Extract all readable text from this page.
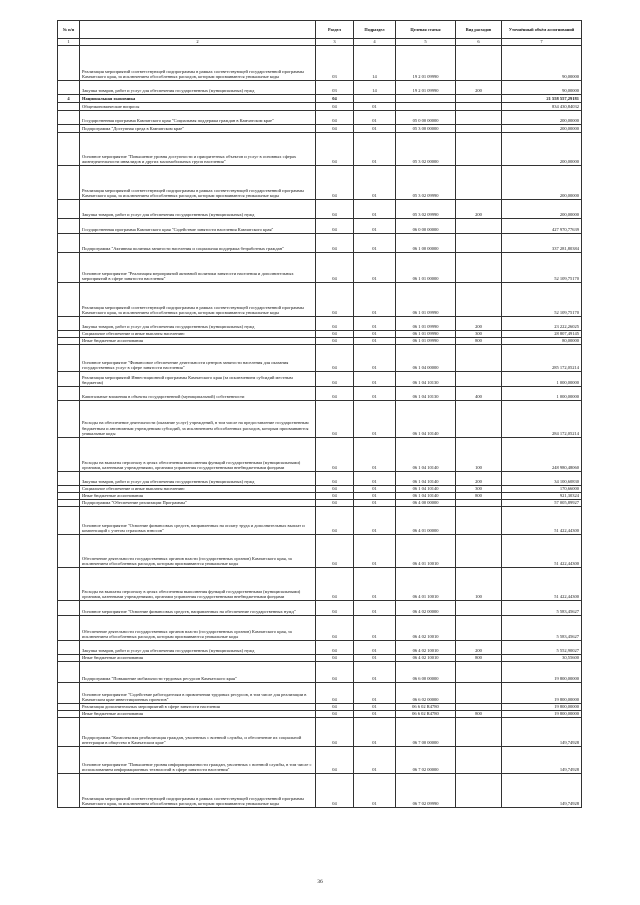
№ п/п		Раздел	Подраздел	Целевая статья	Вид расходов	Уточнённый объём ассигнований
1	2	3	4	5	6	7
	Реализация мероприятий соответствующей подпрограммы в рамках соответствующей государственной программы Камчатского края, за исключением обособленных расходов, которым присваиваются уникальные коды	03	14	19 2 01 09990		90,00000
	Закупка товаров, работ и услуг для обеспечения государственных (муниципальных) нужд	03	14	19 2 01 09990	200	90,00000
4	Национальная экономика	04				21 558 557,29181
	Общеэкономические вопросы	04	01			834 430,84032
	Государственная программа Камчатского края "Социальная поддержка граждан в Камчатском крае"	04	01	05 0 00 00000		200,00000
	Подпрограмма "Доступная среда в Камчатском крае"	04	01	05 3 00 00000		200,00000
	Основное мероприятие "Повышение уровня доступности и приоритетных объектов и услуг в основных сферах жизнедеятельности инвалидов и других маломобильных групп населения"	04	01	05 3 02 00000		200,00000
	Реализация мероприятий соответствующей подпрограммы в рамках соответствующей государственной программы Камчатского края, за исключением обособленных расходов, которым присваиваются уникальные коды	04	01	05 3 02 09990		200,00000
	Закупка товаров, работ и услуг для обеспечения государственных (муниципальных) нужд	04	01	05 3 02 09990	200	200,00000
	Государственная программа Камчатского края "Содействие занятости населения Камчатского края"	04	01	06 0 00 00000		427 970,77639
	Подпрограмма "Активная политика занятости населения и социальная поддержка безработных граждан"	04	01	06 1 00 00000		337 281,80384
	Основное мероприятие "Реализация мероприятий активной политики занятости населения и дополнительных мероприятий в сфере занятости населения"	04	01	06 1 01 00000		52 109,75170
	Реализация мероприятий соответствующей подпрограммы в рамках соответствующей государственной программы Камчатского края, за исключением обособленных расходов, которым присваиваются уникальные коды	04	01	06 1 01 09990		52 109,75170
	Закупка товаров, работ и услуг для обеспечения государственных (муниципальных) нужд	04	01	06 1 01 09990	200	23 222,26025
	Социальное обеспечение и иные выплаты населению	04	01	06 1 01 09990	300	28 807,49145
	Иные бюджетные ассигнования	04	01	06 1 01 09990	800	80,00000
	Основное мероприятие "Финансовое обеспечение деятельности центров занятости населения для оказания государственных услуг в сфере занятости населения"	04	01	06 1 04 00000		285 172,05214
	Реализация мероприятий Инвестиционной программы Камчатского края (за исключением субсидий местным бюджетам)	04	01	06 1 04 10130		1 000,00000
	Капитальные вложения в объекты государственной (муниципальной) собственности	04	01	06 1 04 10130	400	1 000,00000
	Расходы на обеспечение деятельности (оказание услуг) учреждений, в том числе на предоставление государственным бюджетным и автономным учреждениям субсидий, за исключением обособленных расходов, которым присваиваются уникальные коды	04	01	06 1 04 10140		284 172,05214
	Расходы на выплаты персоналу в целях обеспечения выполнения функций государственными (муниципальными) органами, казенными учреждениями, органами управления государственными внебюджетными фондами	04	01	06 1 04 10140	100	248 980,48060
	Закупка товаров, работ и услуг для обеспечения государственных (муниципальных) нужд	04	01	06 1 04 10140	200	34 100,60830
	Социальное обеспечение и иные выплаты населению	04	01	06 1 04 10140	300	170,66000
	Иные бюджетные ассигнования	04	01	06 1 04 10140	800	921,30324
	Подпрограмма "Обеспечение реализации Программы"	04	01	06 4 00 00000		57 005,89927
	Основное мероприятие "Освоение финансовых средств, направленных на оплату труда и дополнительных выплат и компенсаций с учетом страховых взносов"	04	01	06 4 01 00000		51 422,44300
	Обеспечение деятельности государственных органов власти (государственных органов) Камчатского края, за исключением обособленных расходов, которым присваиваются уникальные коды	04	01	06 4 01 10010		51 422,44300
	Расходы на выплаты персоналу в целях обеспечения выполнения функций государственными (муниципальными) органами, казенными учреждениями, органами управления государственными внебюджетными фондами	04	01	06 4 01 10010	100	51 422,44300
	Основное мероприятие "Освоение финансовых средств, направленных на обеспечение государственных нужд"	04	01	06 4 02 00000		5 583,45627
	Обеспечение деятельности государственных органов власти (государственных органов) Камчатского края, за исключением обособленных расходов, которым присваиваются уникальные коды	04	01	06 4 02 10010		5 583,45627
	Закупка товаров, работ и услуг для обеспечения государственных (муниципальных) нужд	04	01	06 4 02 10010	200	5 552,90027
	Иные бюджетные ассигнования	04	01	06 4 02 10010	800	30,55600
	Подпрограмма "Повышение мобильности трудовых ресурсов Камчатского края"	04	01	06 6 00 00000		19 800,00000
	Основное мероприятие "Содействие работодателям в привлечении трудовых ресурсов, в том числе для реализации в Камчатском крае инвестиционных проектов"	04	01	06 6 02 00000		19 800,00000
	Реализация дополнительных мероприятий в сфере занятости населения	04	01	06 6 02 R4780		19 800,00000
	Иные бюджетные ассигнования	04	01	06 6 02 R4780	800	19 800,00000
	Подпрограмма "Комплексная реабилитация граждан, уволенных с военной службы, и обеспечение их социальной интеграции в общество в Камчатском крае"	04	01	06 7 00 00000		149,74928
	Основное мероприятие "Повышение уровня информированности граждан, уволенных с военной службы, в том числе с использованием информационных технологий в сфере занятости населения"	04	01	06 7 02 00000		149,74928
	Реализация мероприятий соответствующей подпрограммы в рамках соответствующей государственной программы Камчатского края, за исключением обособленных расходов, которым присваиваются уникальные коды	04	01	06 7 02 09990		149,74928
36
